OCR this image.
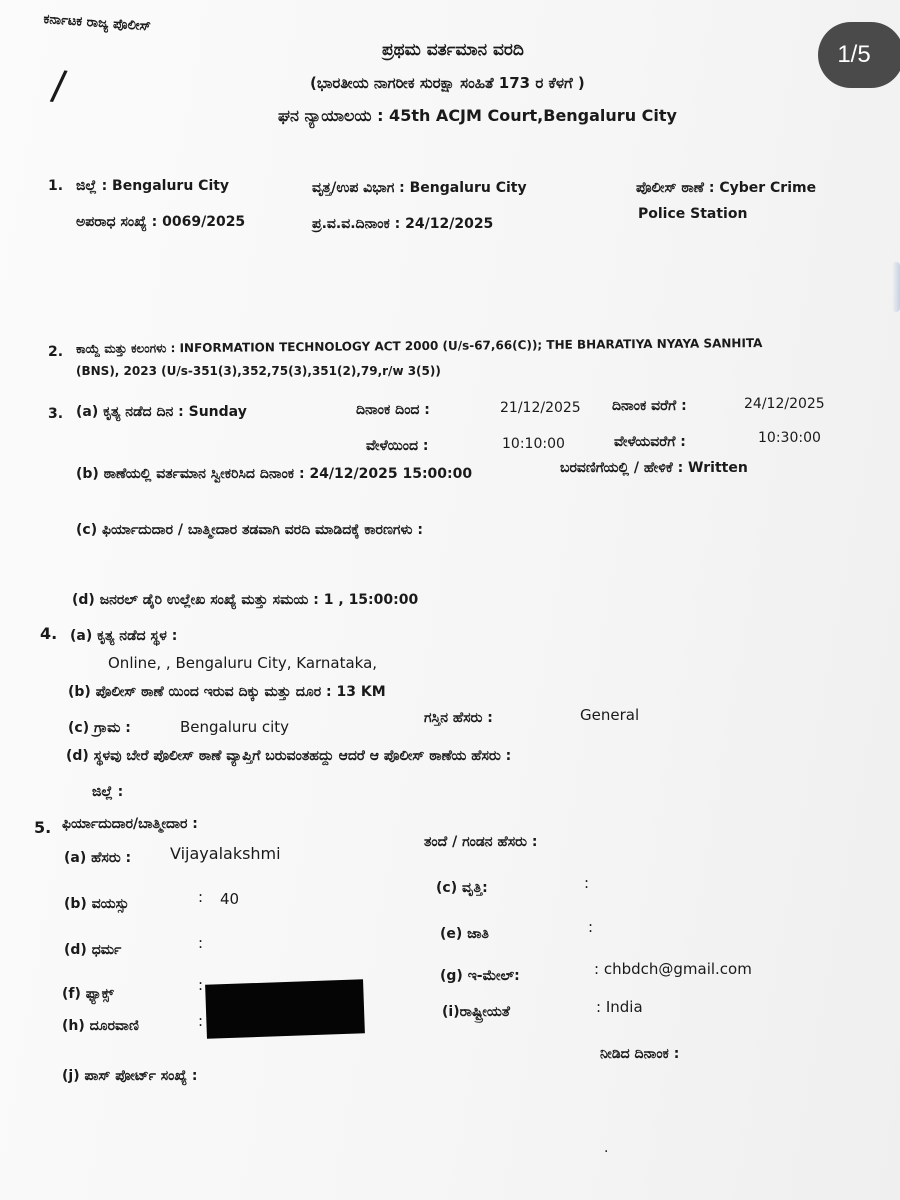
ಕರ್ನಾಟಕ ರಾಜ್ಯ ಪೊಲೀಸ್
/
ಪ್ರಥಮ ವರ್ತಮಾನ ವರದಿ
(ಭಾರತೀಯ ನಾಗರೀಕ ಸುರಕ್ಷಾ ಸಂಹಿತೆ 173 ರ ಕೆಳಗೆ )
ಘನ ನ್ಯಾಯಾಲಯ : 45th ACJM Court,Bengaluru City
1/5
1. ಜಿಲ್ಲೆ : Bengaluru City	ವೃತ್ತ/ಉಪ ವಿಭಾಗ : Bengaluru City	ಪೊಲೀಸ್ ಠಾಣೆ : Cyber Crime
Police Station
ಅಪರಾಧ ಸಂಖ್ಯೆ : 0069/2025	ಪ್ರ.ವ.ವ.ದಿನಾಂಕ : 24/12/2025
2. ಕಾಯ್ದೆ ಮತ್ತು ಕಲಂಗಳು : INFORMATION TECHNOLOGY ACT 2000 (U/s-67,66(C)); THE BHARATIYA NYAYA SANHITA
(BNS), 2023 (U/s-351(3),352,75(3),351(2),79,r/w 3(5))
3. (a) ಕೃತ್ಯ ನಡೆದ ದಿನ : Sunday	ದಿನಾಂಕ ದಿಂದ :	21/12/2025 ದಿನಾಂಕ ವರೆಗೆ :	24/12/2025
ವೇಳೆಯಿಂದ :	10:10:00	ವೇಳೆಯವರೆಗೆ :	10:30:00
(b) ಠಾಣೆಯಲ್ಲಿ ವರ್ತಮಾನ ಸ್ವೀಕರಿಸಿದ ದಿನಾಂಕ : 24/12/2025 15:00:00	ಬರವಣಿಗೆಯಲ್ಲಿ / ಹೇಳಿಕೆ : Written
(c) ಫಿರ್ಯಾದುದಾರ / ಬಾತ್ಮೀದಾರ ತಡವಾಗಿ ವರದಿ ಮಾಡಿದಕ್ಕೆ ಕಾರಣಗಳು :
(d) ಜನರಲ್ ಡೈರಿ ಉಲ್ಲೇಖ ಸಂಖ್ಯೆ ಮತ್ತು ಸಮಯ : 1 , 15:00:00
4. (a) ಕೃತ್ಯ ನಡೆದ ಸ್ಥಳ :
Online, , Bengaluru City, Karnataka,
(b) ಪೊಲೀಸ್ ಠಾಣೆ ಯಿಂದ ಇರುವ ದಿಕ್ಕು ಮತ್ತು ದೂರ : 13 KM
(c) ಗ್ರಾಮ :	Bengaluru city	ಗಸ್ತಿನ ಹೆಸರು :	General
(d) ಸ್ಥಳವು ಬೇರೆ ಪೊಲೀಸ್ ಠಾಣೆ ವ್ಯಾಪ್ತಿಗೆ ಬರುವಂತಹದ್ದು ಆದರೆ ಆ ಪೊಲೀಸ್ ಠಾಣೆಯ ಹೆಸರು :
ಜಿಲ್ಲೆ :
5. ಫಿರ್ಯಾದುದಾರ/ಬಾತ್ಮೀದಾರ :
ತಂದೆ / ಗಂಡನ ಹೆಸರು :
(a) ಹೆಸರು : Vijayalakshmi
(b) ವಯಸ್ಸು	: 40
(c) ವೃತ್ತಿ:	:
(d) ಧರ್ಮ	:	(e) ಜಾತಿ	:
(f) ಫ್ಯಾಕ್ಸ್	:	(g) ಇ-ಮೇಲ್:	: chbdch@gmail.com
(h) ದೂರವಾಣಿ	:	(i)ರಾಷ್ಟ್ರೀಯತೆ	: India
ನೀಡಿದ ದಿನಾಂಕ :
(j) ಪಾಸ್ ಪೋರ್ಟ್ ಸಂಖ್ಯೆ :
.
